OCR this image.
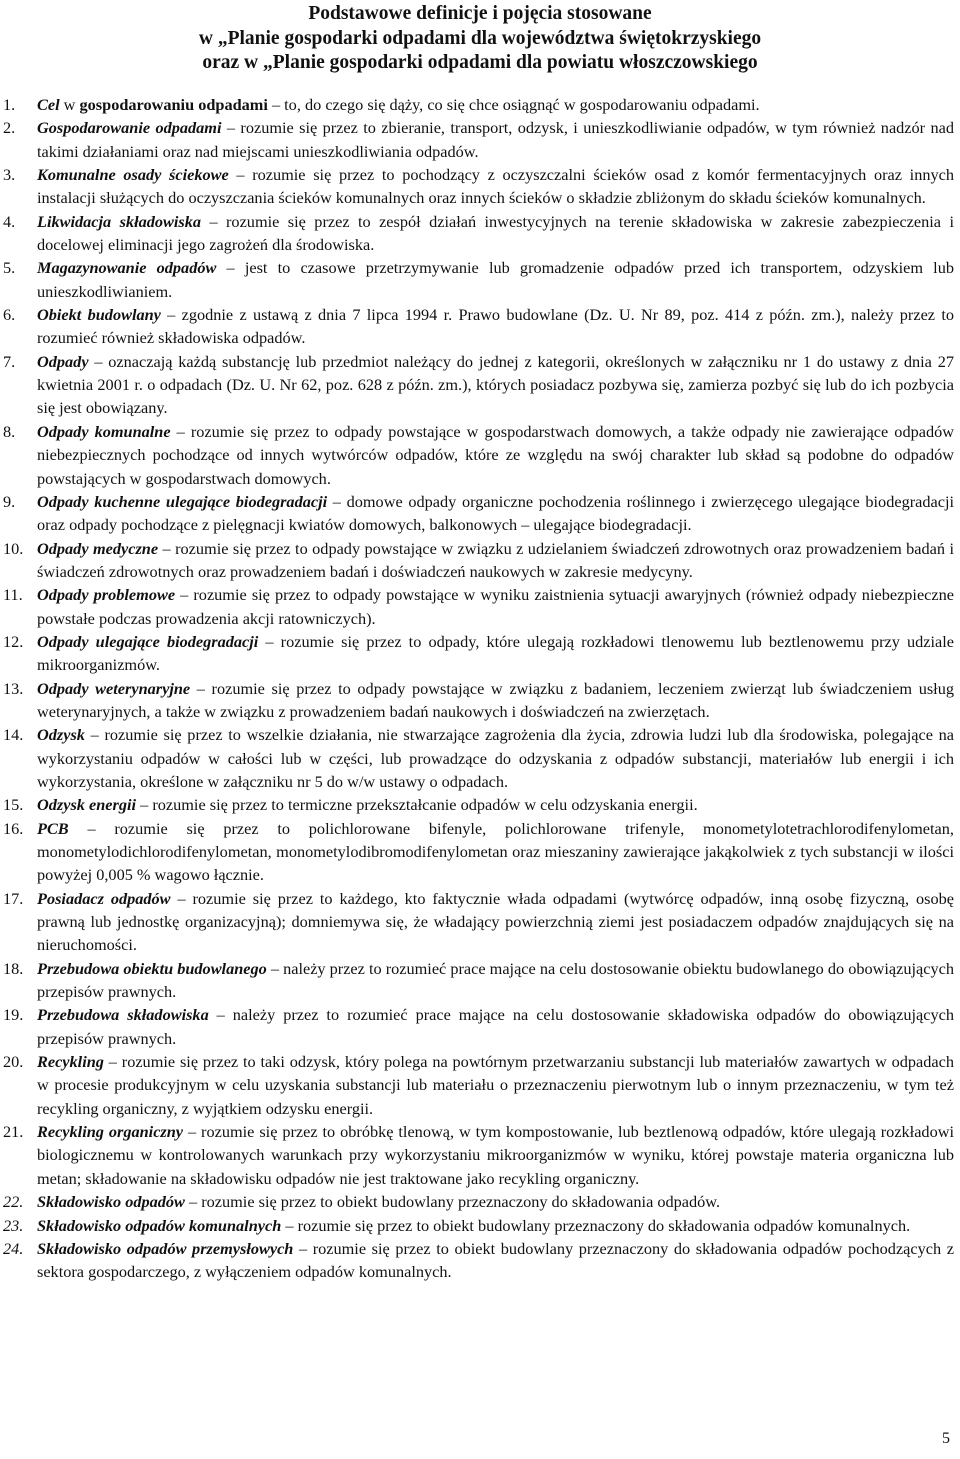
Podstawowe definicje i pojęcia stosowane
w „Planie gospodarki odpadami dla województwa świętokrzyskiego
oraz w „Planie gospodarki odpadami dla powiatu włoszczowskiego
1. Cel w gospodarowaniu odpadami – to, do czego się dąży, co się chce osiągnąć w gospodarowaniu odpadami.
2. Gospodarowanie odpadami – rozumie się przez to zbieranie, transport, odzysk, i unieszkodliwianie odpadów, w tym również nadzór nad takimi działaniami oraz nad miejscami unieszkodliwiania odpadów.
3. Komunalne osady ściekowe – rozumie się przez to pochodzący z oczyszczalni ścieków osad z komór fermentacyjnych oraz innych instalacji służących do oczyszczania ścieków komunalnych oraz innych ścieków o składzie zbliżonym do składu ścieków komunalnych.
4. Likwidacja składowiska – rozumie się przez to zespół działań inwestycyjnych na terenie składowiska w zakresie zabezpieczenia i docelowej eliminacji jego zagrożeń dla środowiska.
5. Magazynowanie odpadów – jest to czasowe przetrzymywanie lub gromadzenie odpadów przed ich transportem, odzyskiem lub unieszkodliwianiem.
6. Obiekt budowlany – zgodnie z ustawą z dnia 7 lipca 1994 r. Prawo budowlane (Dz. U. Nr 89, poz. 414 z późn. zm.), należy przez to rozumieć również składowiska odpadów.
7. Odpady – oznaczają każdą substancję lub przedmiot należący do jednej z kategorii, określonych w załączniku nr 1 do ustawy z dnia 27 kwietnia 2001 r. o odpadach (Dz. U. Nr 62, poz. 628 z późn. zm.), których posiadacz pozbywa się, zamierza pozbyć się lub do ich pozbycia się jest obowiązany.
8. Odpady komunalne – rozumie się przez to odpady powstające w gospodarstwach domowych, a także odpady nie zawierające odpadów niebezpiecznych pochodzące od innych wytwórców odpadów, które ze względu na swój charakter lub skład są podobne do odpadów powstających w gospodarstwach domowych.
9. Odpady kuchenne ulegające biodegradacji – domowe odpady organiczne pochodzenia roślinnego i zwierzęcego ulegające biodegradacji oraz odpady pochodzące z pielęgnacji kwiatów domowych, balkonowych – ulegające biodegradacji.
10. Odpady medyczne – rozumie się przez to odpady powstające w związku z udzielaniem świadczeń zdrowotnych oraz prowadzeniem badań i świadczeń zdrowotnych oraz prowadzeniem badań i doświadczeń naukowych w zakresie medycyny.
11. Odpady problemowe – rozumie się przez to odpady powstające w wyniku zaistnienia sytuacji awaryjnych (również odpady niebezpieczne powstałe podczas prowadzenia akcji ratowniczych).
12. Odpady ulegające biodegradacji – rozumie się przez to odpady, które ulegają rozkładowi tlenowemu lub beztlenowemu przy udziale mikroorganizmów.
13. Odpady weterynaryjne – rozumie się przez to odpady powstające w związku z badaniem, leczeniem zwierząt lub świadczeniem usług weterynaryjnych, a także w związku z prowadzeniem badań naukowych i doświadczeń na zwierzętach.
14. Odzysk – rozumie się przez to wszelkie działania, nie stwarzające zagrożenia dla życia, zdrowia ludzi lub dla środowiska, polegające na wykorzystaniu odpadów w całości lub w części, lub prowadzące do odzyskania z odpadów substancji, materiałów lub energii i ich wykorzystania, określone w załączniku nr 5 do w/w ustawy o odpadach.
15. Odzysk energii – rozumie się przez to termiczne przekształcanie odpadów w celu odzyskania energii.
16. PCB – rozumie się przez to polichlorowane bifenyle, polichlorowane trifenyle, monometylotetrachlorodifenylometan, monometylodichlorodifenylometan, monometylodibromodifenylometan oraz mieszaniny zawierające jakąkolwiek z tych substancji w ilości powyżej 0,005 % wagowo łącznie.
17. Posiadacz odpadów – rozumie się przez to każdego, kto faktycznie włada odpadami (wytwórcę odpadów, inną osobę fizyczną, osobę prawną lub jednostkę organizacyjną); domniemywa się, że władający powierzchnią ziemi jest posiadaczem odpadów znajdujących się na nieruchomości.
18. Przebudowa obiektu budowlanego – należy przez to rozumieć prace mające na celu dostosowanie obiektu budowlanego do obowiązujących przepisów prawnych.
19. Przebudowa składowiska – należy przez to rozumieć prace mające na celu dostosowanie składowiska odpadów do obowiązujących przepisów prawnych.
20. Recykling – rozumie się przez to taki odzysk, który polega na powtórnym przetwarzaniu substancji lub materiałów zawartych w odpadach w procesie produkcyjnym w celu uzyskania substancji lub materiału o przeznaczeniu pierwotnym lub o innym przeznaczeniu, w tym też recykling organiczny, z wyjątkiem odzysku energii.
21. Recykling organiczny – rozumie się przez to obróbkę tlenową, w tym kompostowanie, lub beztlenową odpadów, które ulegają rozkładowi biologicznemu w kontrolowanych warunkach przy wykorzystaniu mikroorganizmów w wyniku, której powstaje materia organiczna lub metan; składowanie na składowisku odpadów nie jest traktowane jako recykling organiczny.
22. Składowisko odpadów – rozumie się przez to obiekt budowlany przeznaczony do składowania odpadów.
23. Składowisko odpadów komunalnych – rozumie się przez to obiekt budowlany przeznaczony do składowania odpadów komunalnych.
24. Składowisko odpadów przemysłowych – rozumie się przez to obiekt budowlany przeznaczony do składowania odpadów pochodzących z sektora gospodarczego, z wyłączeniem odpadów komunalnych.
5
